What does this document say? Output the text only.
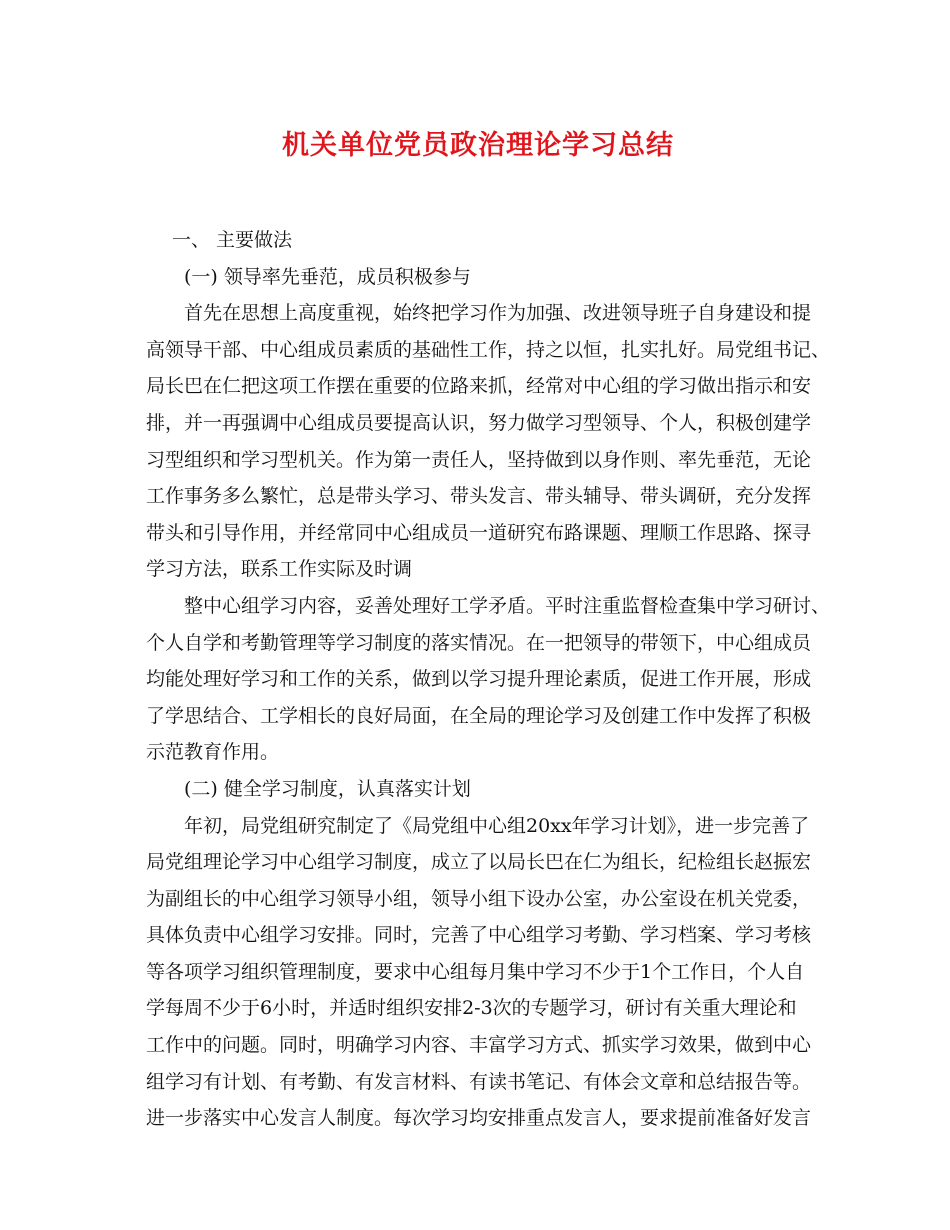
机关单位党员政治理论学习总结
一、 主要做法
(一) 领导率先垂范，成员积极参与
首先在思想上高度重视，始终把学习作为加强、改进领导班子自身建设和提
高领导干部、中心组成员素质的基础性工作，持之以恒，扎实扎好。局党组书记、
局长巴在仁把这项工作摆在重要的位路来抓，经常对中心组的学习做出指示和安
排，并一再强调中心组成员要提高认识，努力做学习型领导、个人，积极创建学
习型组织和学习型机关。作为第一责任人，坚持做到以身作则、率先垂范，无论
工作事务多么繁忙，总是带头学习、带头发言、带头辅导、带头调研，充分发挥
带头和引导作用，并经常同中心组成员一道研究布路课题、理顺工作思路、探寻
学习方法，联系工作实际及时调
整中心组学习内容，妥善处理好工学矛盾。平时注重监督检查集中学习研讨、
个人自学和考勤管理等学习制度的落实情况。在一把领导的带领下，中心组成员
均能处理好学习和工作的关系，做到以学习提升理论素质，促进工作开展，形成
了学思结合、工学相长的良好局面，在全局的理论学习及创建工作中发挥了积极
示范教育作用。
(二) 健全学习制度，认真落实计划
年初，局党组研究制定了《局党组中心组20xx年学习计划》，进一步完善了
局党组理论学习中心组学习制度，成立了以局长巴在仁为组长，纪检组长赵振宏
为副组长的中心组学习领导小组，领导小组下设办公室，办公室设在机关党委，
具体负责中心组学习安排。同时，完善了中心组学习考勤、学习档案、学习考核
等各项学习组织管理制度，要求中心组每月集中学习不少于1个工作日，个人自
学每周不少于6小时，并适时组织安排2-3次的专题学习，研讨有关重大理论和
工作中的问题。同时，明确学习内容、丰富学习方式、抓实学习效果，做到中心
组学习有计划、有考勤、有发言材料、有读书笔记、有体会文章和总结报告等。
进一步落实中心发言人制度。每次学习均安排重点发言人，要求提前准备好发言
